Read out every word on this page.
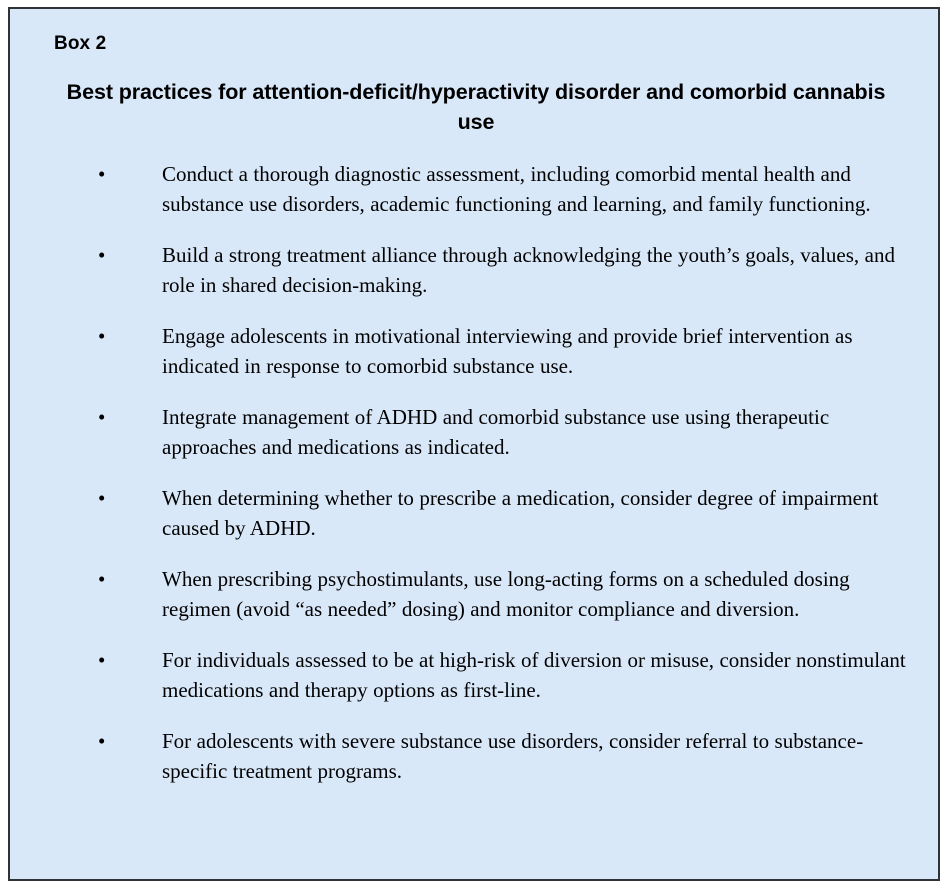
Box 2
Best practices for attention-deficit/hyperactivity disorder and comorbid cannabis use
•	Conduct a thorough diagnostic assessment, including comorbid mental health and substance use disorders, academic functioning and learning, and family functioning.
•	Build a strong treatment alliance through acknowledging the youth’s goals, values, and role in shared decision-making.
•	Engage adolescents in motivational interviewing and provide brief intervention as indicated in response to comorbid substance use.
•	Integrate management of ADHD and comorbid substance use using therapeutic approaches and medications as indicated.
•	When determining whether to prescribe a medication, consider degree of impairment caused by ADHD.
•	When prescribing psychostimulants, use long-acting forms on a scheduled dosing regimen (avoid “as needed” dosing) and monitor compliance and diversion.
•	For individuals assessed to be at high-risk of diversion or misuse, consider nonstimulant medications and therapy options as first-line.
•	For adolescents with severe substance use disorders, consider referral to substance-specific treatment programs.
